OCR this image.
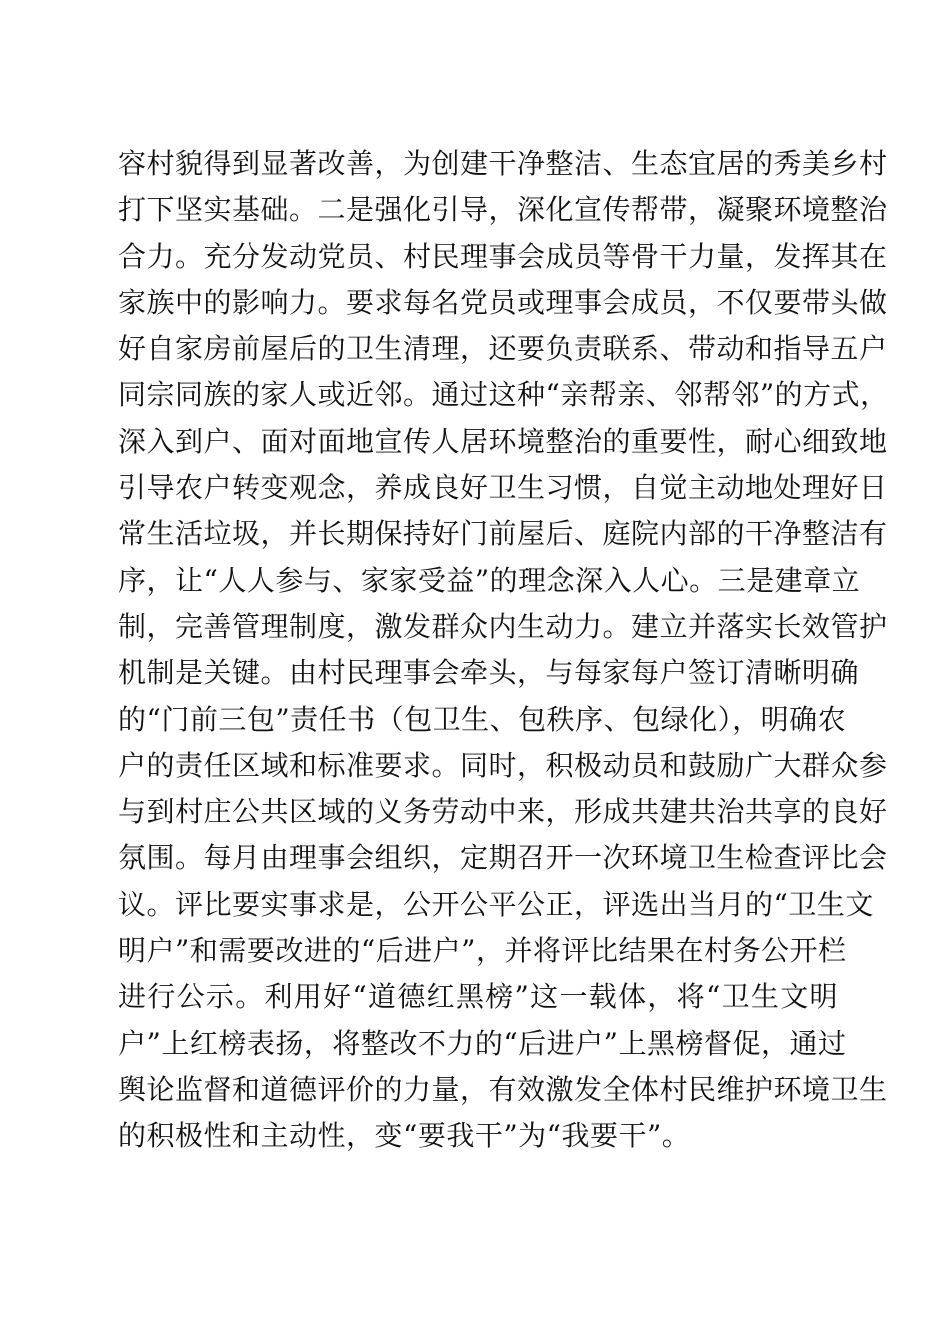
容村貌得到显著改善，为创建干净整洁、生态宜居的秀美乡村
打下坚实基础。二是强化引导，深化宣传帮带，凝聚环境整治
合力。充分发动党员、村民理事会成员等骨干力量，发挥其在
家族中的影响力。要求每名党员或理事会成员，不仅要带头做
好自家房前屋后的卫生清理，还要负责联系、带动和指导五户
同宗同族的家人或近邻。通过这种“亲帮亲、邻帮邻”的方式，
深入到户、面对面地宣传人居环境整治的重要性，耐心细致地
引导农户转变观念，养成良好卫生习惯，自觉主动地处理好日
常生活垃圾，并长期保持好门前屋后、庭院内部的干净整洁有
序，让“人人参与、家家受益”的理念深入人心。三是建章立
制，完善管理制度，激发群众内生动力。建立并落实长效管护
机制是关键。由村民理事会牵头，与每家每户签订清晰明确
的“门前三包”责任书（包卫生、包秩序、包绿化），明确农
户的责任区域和标准要求。同时，积极动员和鼓励广大群众参
与到村庄公共区域的义务劳动中来，形成共建共治共享的良好
氛围。每月由理事会组织，定期召开一次环境卫生检查评比会
议。评比要实事求是，公开公平公正，评选出当月的“卫生文
明户”和需要改进的“后进户”，并将评比结果在村务公开栏
进行公示。利用好“道德红黑榜”这一载体，将“卫生文明
户”上红榜表扬，将整改不力的“后进户”上黑榜督促，通过
舆论监督和道德评价的力量，有效激发全体村民维护环境卫生
的积极性和主动性，变“要我干”为“我要干”。
